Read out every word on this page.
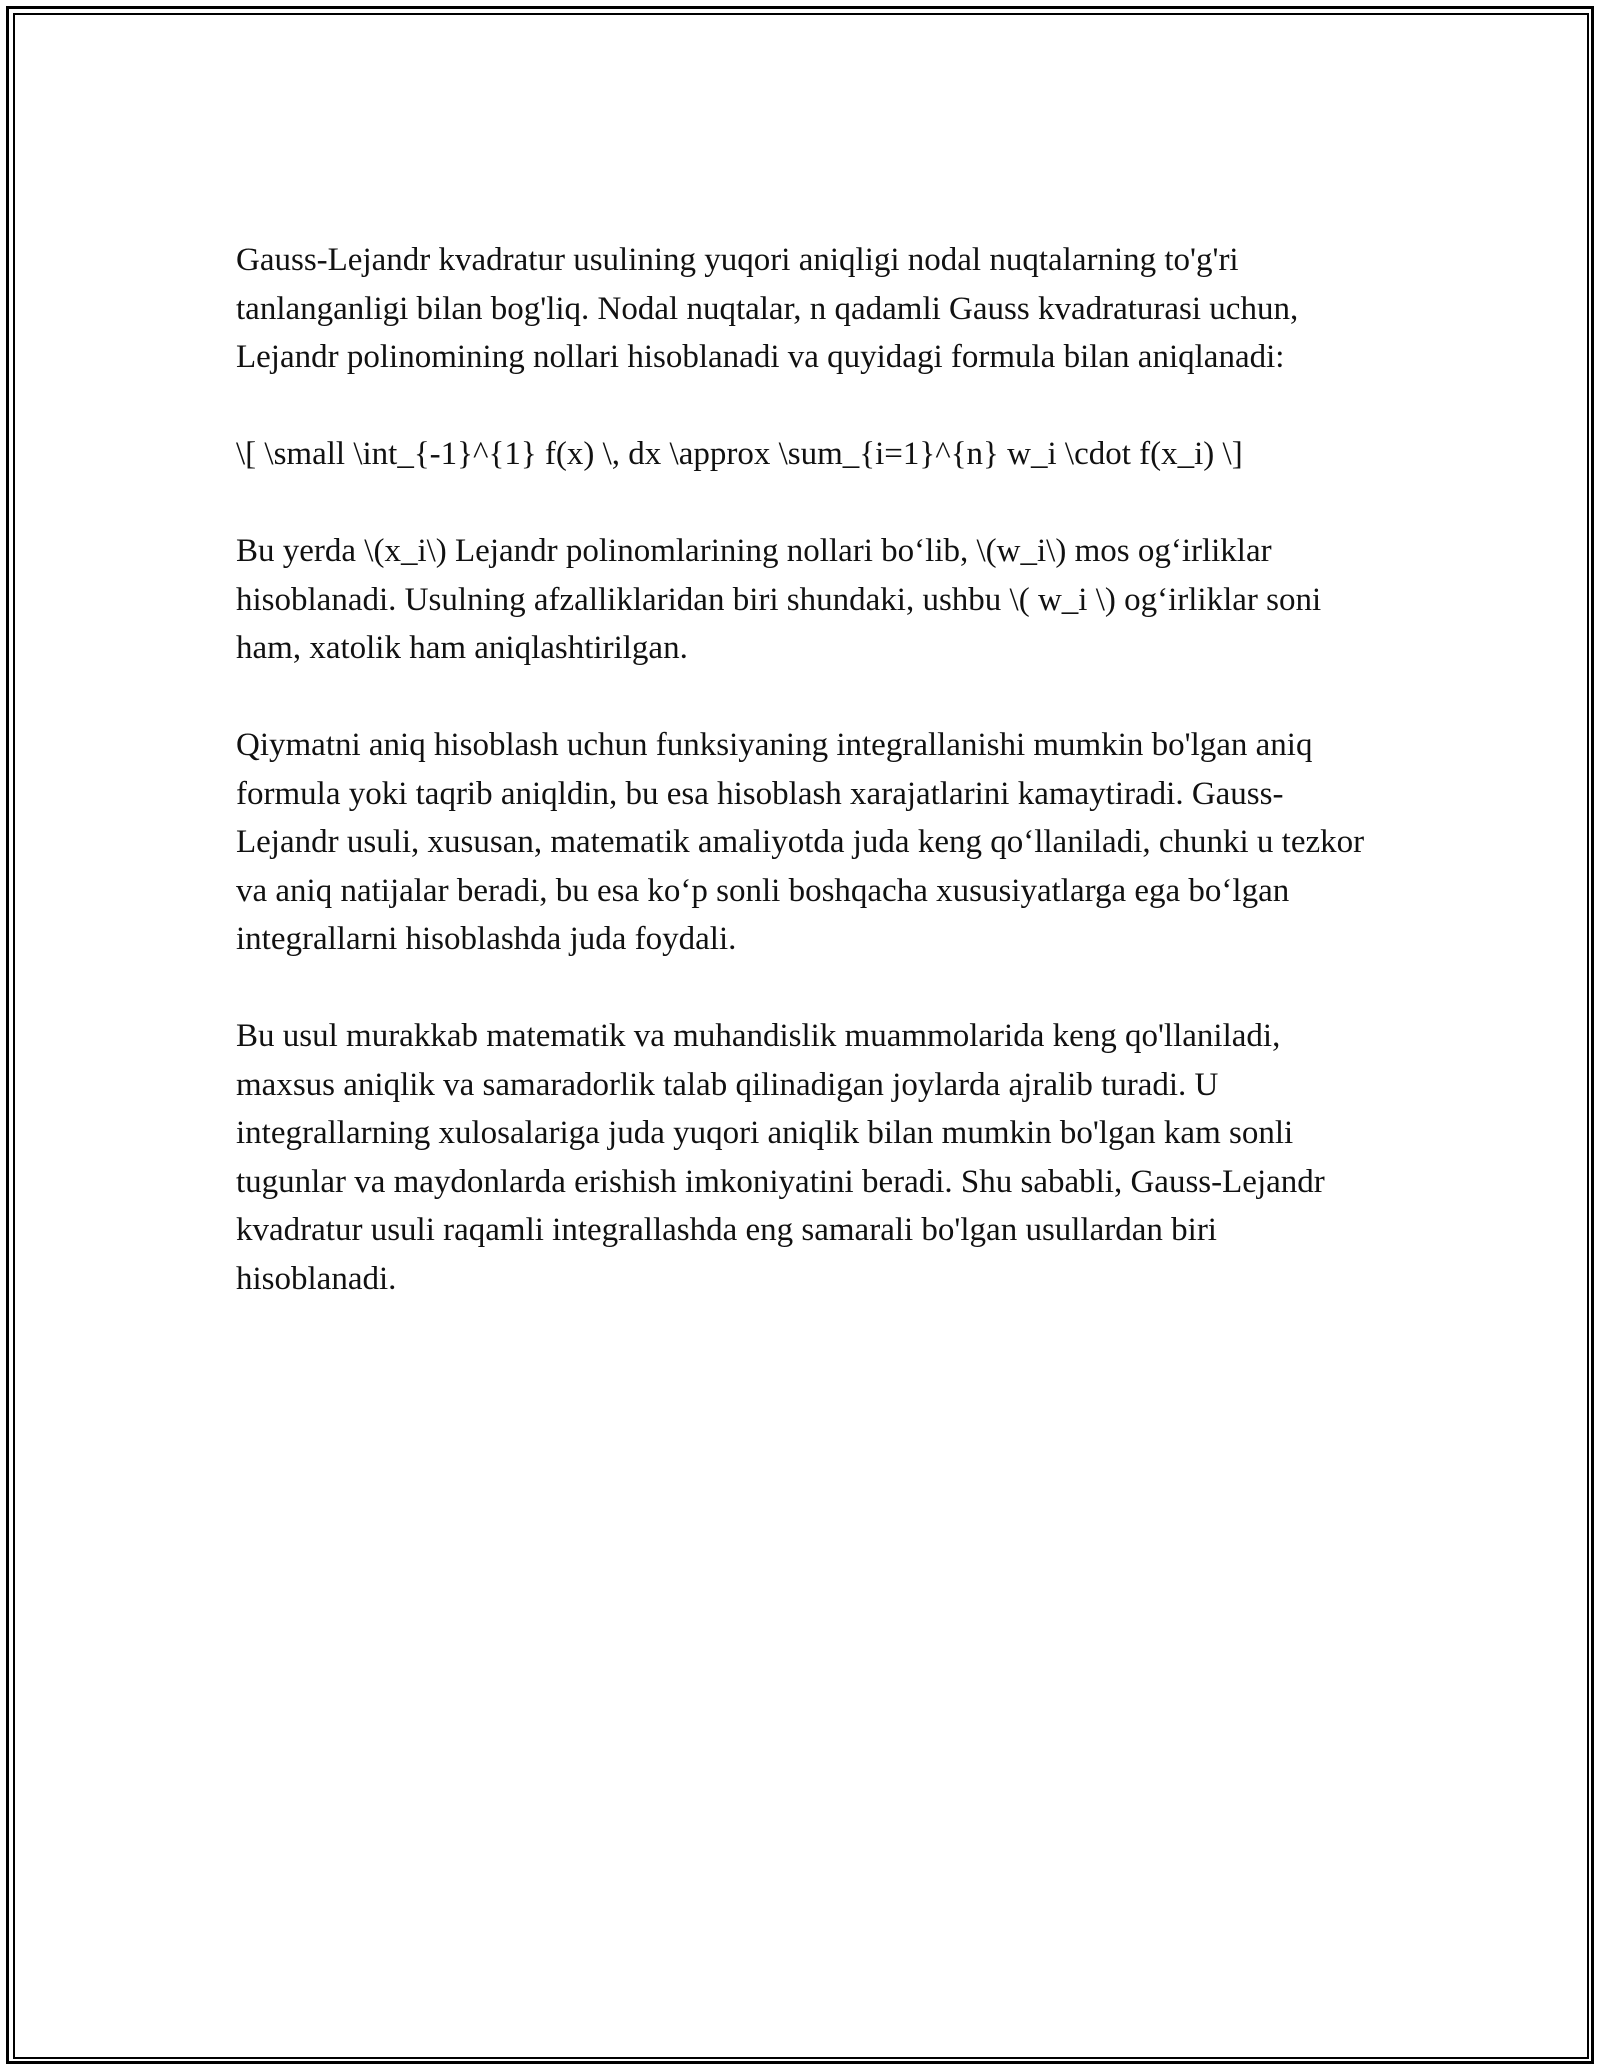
Gauss-Lejandr kvadratur usulining yuqori aniqligi nodal nuqtalarning to'g'ri tanlanganligi bilan bog'liq. Nodal nuqtalar, n qadamli Gauss kvadraturasi uchun, Lejandr polinomining nollari hisoblanadi va quyidagi formula bilan aniqlanadi:

\[ \small \int_{-1}^{1} f(x) \, dx \approx \sum_{i=1}^{n} w_i \cdot f(x_i) \]

Bu yerda \(x_i\) Lejandr polinomlarining nollari bo‘lib, \(w_i\) mos og‘irliklar hisoblanadi. Usulning afzalliklaridan biri shundaki, ushbu \( w_i \) og‘irliklar soni ham, xatolik ham aniqlashtirilgan.

Qiymatni aniq hisoblash uchun funksiyaning integrallanishi mumkin bo'lgan aniq formula yoki taqrib aniqldin, bu esa hisoblash xarajatlarini kamaytiradi. Gauss-Lejandr usuli, xususan, matematik amaliyotda juda keng qo‘llaniladi, chunki u tezkor va aniq natijalar beradi, bu esa ko‘p sonli boshqacha xususiyatlarga ega bo‘lgan integrallarni hisoblashda juda foydali.

Bu usul murakkab matematik va muhandislik muammolarida keng qo'llaniladi, maxsus aniqlik va samaradorlik talab qilinadigan joylarda ajralib turadi. U integrallarning xulosalariga juda yuqori aniqlik bilan mumkin bo'lgan kam sonli tugunlar va maydonlarda erishish imkoniyatini beradi. Shu sababli, Gauss-Lejandr kvadratur usuli raqamli integrallashda eng samarali bo'lgan usullardan biri hisoblanadi.
